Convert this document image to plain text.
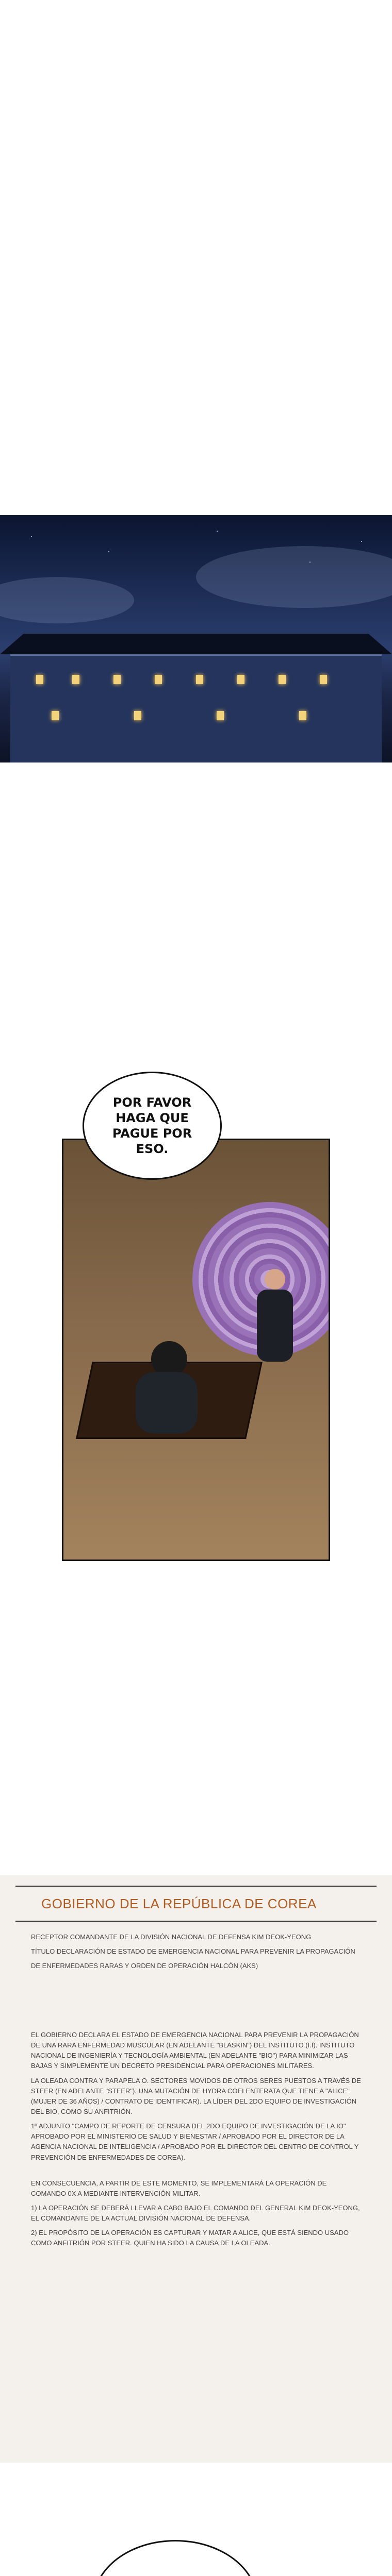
POR FAVOR HAGA QUE PAGUE POR ESO.
GOBIERNO DE LA REPÚBLICA DE COREA

RECEPTOR COMANDANTE DE LA DIVISIÓN NACIONAL DE DEFENSA KIM DEOK-YEONG

TÍTULO DECLARACIÓN DE ESTADO DE EMERGENCIA NACIONAL PARA PREVENIR LA PROPAGACIÓN

DE ENFERMEDADES RARAS Y ORDEN DE OPERACIÓN HALCÓN (AKS)

EL GOBIERNO DECLARA EL ESTADO DE EMERGENCIA NACIONAL PARA PREVENIR LA PROPAGACIÓN DE UNA RARA ENFERMEDAD MUSCULAR (EN ADELANTE "BLASKIN") DEL INSTITUTO (I.I). INSTITUTO NACIONAL DE INGENIERÍA Y TECNOLOGÍA AMBIENTAL (EN ADELANTE "BIO") PARA MINIMIZAR LAS BAJAS Y SIMPLEMENTE UN DECRETO PRESIDENCIAL PARA OPERACIONES MILITARES.

LA OLEADA CONTRA Y PARAPELA O. SECTORES MOVIDOS DE OTROS SERES PUESTOS A TRAVÉS DE STEER (EN ADELANTE "STEER"). UNA MUTACIÓN DE HYDRA COELENTERATA QUE TIENE A "ALICE" (MUJER DE 36 AÑOS) / CONTRATO DE IDENTIFICAR). LA LÍDER DEL 2DO EQUIPO DE INVESTIGACIÓN DEL BIO, COMO SU ANFITRIÓN.

1º ADJUNTO "CAMPO DE REPORTE DE CENSURA DEL 2DO EQUIPO DE INVESTIGACIÓN DE LA IO" APROBADO POR EL MINISTERIO DE SALUD Y BIENESTAR / APROBADO POR EL DIRECTOR DE LA AGENCIA NACIONAL DE INTELIGENCIA / APROBADO POR EL DIRECTOR DEL CENTRO DE CONTROL Y PREVENCIÓN DE ENFERMEDADES DE COREA).

EN CONSECUENCIA, A PARTIR DE ESTE MOMENTO, SE IMPLEMENTARÁ LA OPERACIÓN DE COMANDO 0X A MEDIANTE INTERVENCIÓN MILITAR.

1) LA OPERACIÓN SE DEBERÁ LLEVAR A CABO BAJO EL COMANDO DEL GENERAL KIM DEOK-YEONG, EL COMANDANTE DE LA ACTUAL DIVISIÓN NACIONAL DE DEFENSA.

2) EL PROPÓSITO DE LA OPERACIÓN ES CAPTURAR Y MATAR A ALICE, QUE ESTÁ SIENDO USADO COMO ANFITRIÓN POR STEER. QUIEN HA SIDO LA CAUSA DE LA OLEADA.
